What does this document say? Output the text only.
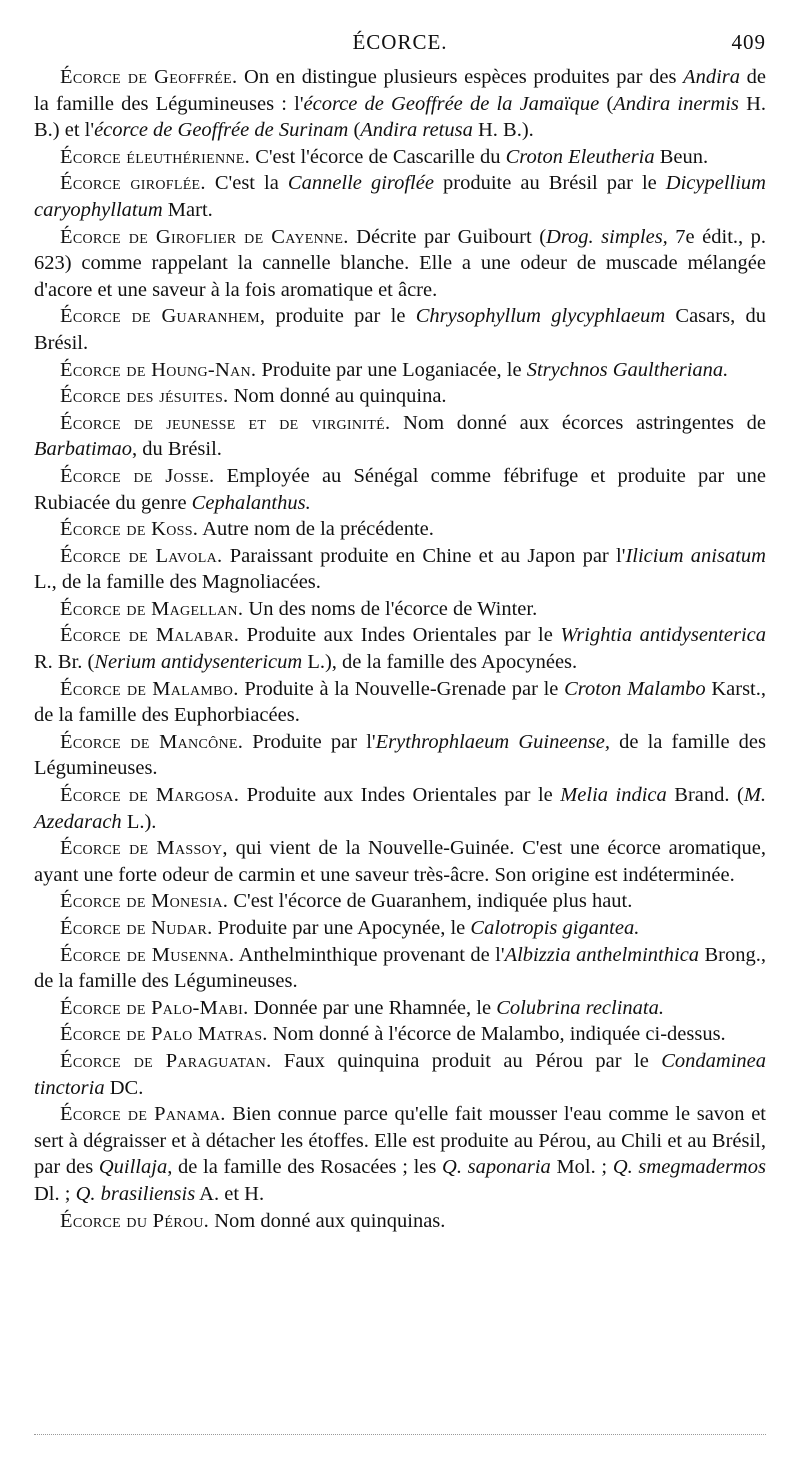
ÉCORCE.	409

Écorce de Geoffrée. On en distingue plusieurs espèces produites par des Andira de la famille des Légumineuses : l'écorce de Geoffrée de la Jamaïque (Andira inermis H. B.) et l'écorce de Geoffrée de Surinam (Andira retusa H. B.).

Écorce éleuthérienne. C'est l'écorce de Cascarille du Croton Eleutheria Beun.

Écorce giroflée. C'est la Cannelle giroflée produite au Brésil par le Dicypellium caryophyllatum Mart.

Écorce de Giroflier de Cayenne. Décrite par Guibourt (Drog. simples, 7e édit., p. 623) comme rappelant la cannelle blanche. Elle a une odeur de muscade mélangée d'acore et une saveur à la fois aromatique et âcre.

Écorce de Guaranhem, produite par le Chrysophyllum glycyphlaeum Casars, du Brésil.

Écorce de Houng-Nan. Produite par une Loganiacée, le Strychnos Gaultheriana.

Écorce des jésuites. Nom donné au quinquina.

Écorce de jeunesse et de virginité. Nom donné aux écorces astringentes de Barbatimao, du Brésil.

Écorce de Josse. Employée au Sénégal comme fébrifuge et produite par une Rubiacée du genre Cephalanthus.

Écorce de Koss. Autre nom de la précédente.

Écorce de Lavola. Paraissant produite en Chine et au Japon par l'Ilicium anisatum L., de la famille des Magnoliacées.

Écorce de Magellan. Un des noms de l'écorce de Winter.

Écorce de Malabar. Produite aux Indes Orientales par le Wrightia antidysenterica R. Br. (Nerium antidysentericum L.), de la famille des Apocynées.

Écorce de Malambo. Produite à la Nouvelle-Grenade par le Croton Malambo Karst., de la famille des Euphorbiacées.

Écorce de Mancône. Produite par l'Erythrophlaeum Guineense, de la famille des Légumineuses.

Écorce de Margosa. Produite aux Indes Orientales par le Melia indica Brand. (M. Azedarach L.).

Écorce de Massoy, qui vient de la Nouvelle-Guinée. C'est une écorce aromatique, ayant une forte odeur de carmin et une saveur très-âcre. Son origine est indéterminée.

Écorce de Monesia. C'est l'écorce de Guaranhem, indiquée plus haut.

Écorce de Nudar. Produite par une Apocynée, le Calotropis gigantea.

Écorce de Musenna. Anthelminthique provenant de l'Albizzia anthelminthica Brong., de la famille des Légumineuses.

Écorce de Palo-Mabi. Donnée par une Rhamnée, le Colubrina reclinata.

Écorce de Palo Matras. Nom donné à l'écorce de Malambo, indiquée ci-dessus.

Écorce de Paraguatan. Faux quinquina produit au Pérou par le Condaminea tinctoria DC.

Écorce de Panama. Bien connue parce qu'elle fait mousser l'eau comme le savon et sert à dégraisser et à détacher les étoffes. Elle est produite au Pérou, au Chili et au Brésil, par des Quillaja, de la famille des Rosacées ; les Q. saponaria Mol. ; Q. smegmadermos Dl. ; Q. brasiliensis A. et H.

Écorce du Pérou. Nom donné aux quinquinas.
